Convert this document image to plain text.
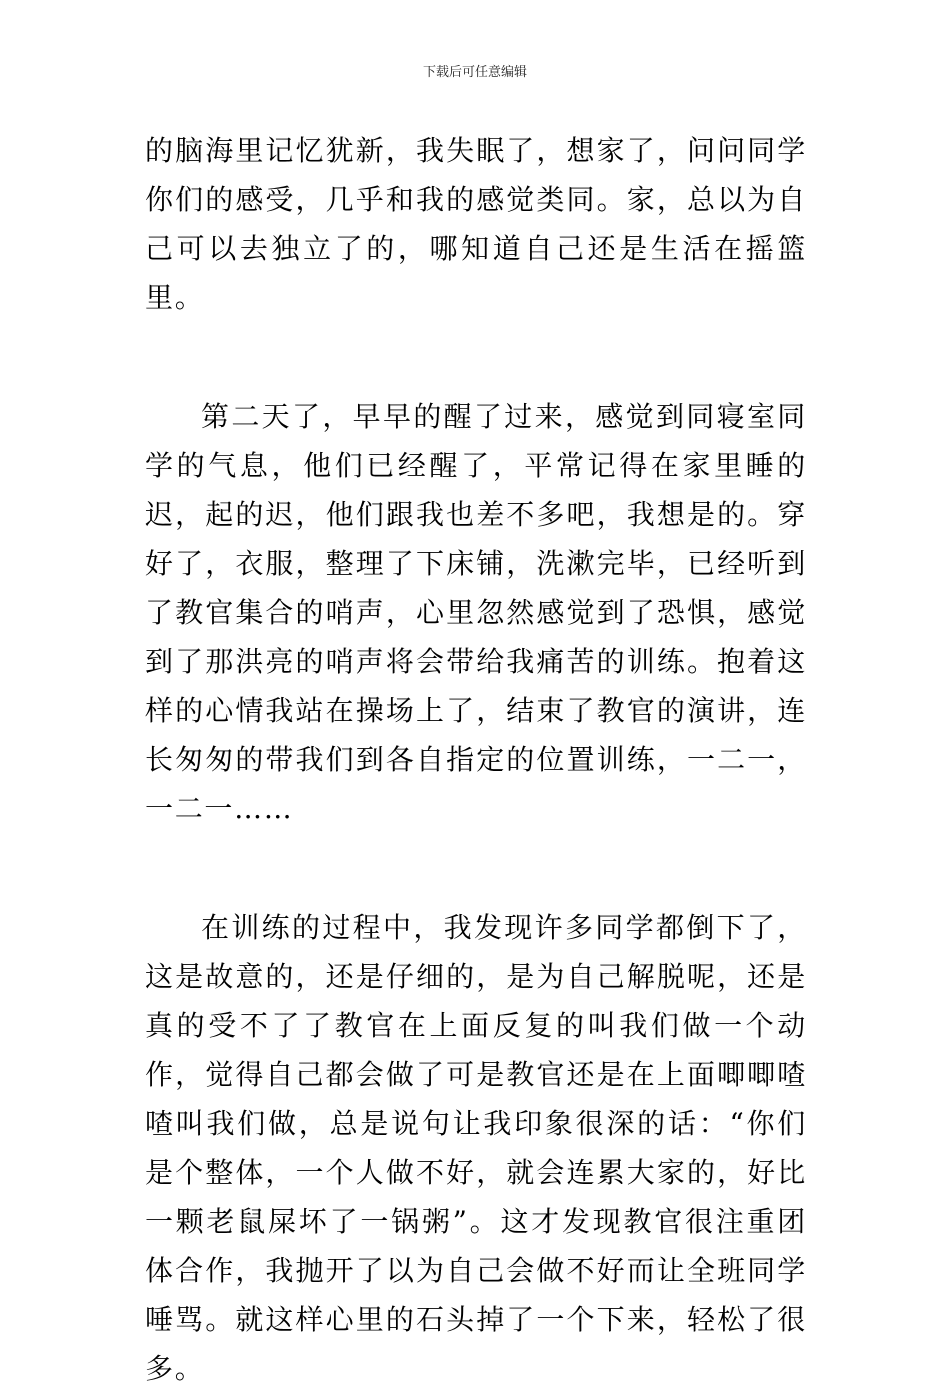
下载后可任意编辑

的脑海里记忆犹新，我失眠了，想家了，问问同学你们的感受，几乎和我的感觉类同。家，总以为自己可以去独立了的，哪知道自己还是生活在摇篮里。

第二天了，早早的醒了过来，感觉到同寝室同学的气息，他们已经醒了，平常记得在家里睡的迟，起的迟，他们跟我也差不多吧，我想是的。穿好了，衣服，整理了下床铺，洗漱完毕，已经听到了教官集合的哨声，心里忽然感觉到了恐惧，感觉到了那洪亮的哨声将会带给我痛苦的训练。抱着这样的心情我站在操场上了，结束了教官的演讲，连长匆匆的带我们到各自指定的位置训练，一二一，一二一……

在训练的过程中，我发现许多同学都倒下了，这是故意的，还是仔细的，是为自己解脱呢，还是真的受不了了教官在上面反复的叫我们做一个动作，觉得自己都会做了可是教官还是在上面唧唧喳喳叫我们做，总是说句让我印象很深的话：“你们是个整体，一个人做不好，就会连累大家的，好比一颗老鼠屎坏了一锅粥”。这才发现教官很注重团体合作，我抛开了以为自己会做不好而让全班同学唾骂。就这样心里的石头掉了一个下来，轻松了很多。
